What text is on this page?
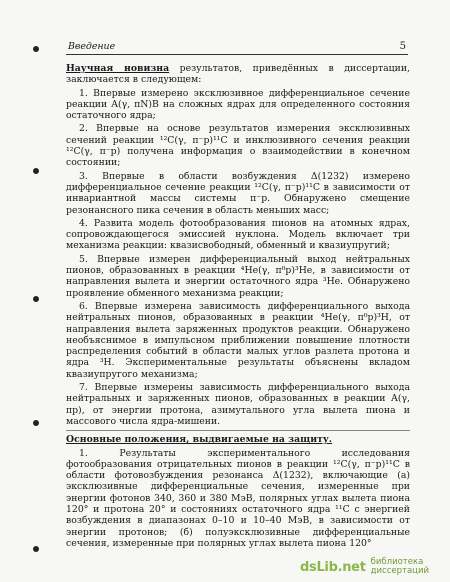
Введение	5

Научная новизна результатов, приведённых в диссертации, заключается в следующем:

1. Впервые измерено эксклюзивное дифференциальное сечение реакции A(γ, πN)B на сложных ядрах для определенного состояния остаточного ядра;

2. Впервые на основе результатов измерения эксклюзивных сечений реакции ¹²C(γ, π⁻p)¹¹C и инклюзивного сечения реакции ¹²C(γ, π⁻p) получена информация о взаимодействии в конечном состоянии;

3. Впервые в области возбуждения Δ(1232) измерено дифференциальное сечение реакции ¹²C(γ, π⁻p)¹¹C в зависимости от инвариантной массы системы π⁻p. Обнаружено смещение резонансного пика сечения в область меньших масс;

4. Развита модель фотообразования пионов на атомных ядрах, сопровождающегося эмиссией нуклона. Модель включает три механизма реакции: квазисвободный, обменный и квазиупругий;

5. Впервые измерен дифференциальный выход нейтральных пионов, образованных в реакции ⁴He(γ, π⁰p)³He, в зависимости от направления вылета и энергии остаточного ядра ³He. Обнаружено проявление обменного механизма реакции;

6. Впервые измерена зависимость дифференциального выхода нейтральных пионов, образованных в реакции ⁴He(γ, π⁰p)³H, от направления вылета заряженных продуктов реакции. Обнаружено необъяснимое в импульсном приближении повышение плотности распределения событий в области малых углов разлета протона и ядра ³H. Экспериментальные результаты объяснены вкладом квазиупругого механизма;

7. Впервые измерены зависимость дифференциального выхода нейтральных и заряженных пионов, образованных в реакции A(γ, πp), от энергии протона, азимутального угла вылета пиона и массового числа ядра-мишени.

Основные положения, выдвигаемые на защиту.

1. Результаты экспериментального исследования фотообразования отрицательных пионов в реакции ¹²C(γ, π⁻p)¹¹C в области фотовозбуждения резонанса Δ(1232), включающие (а) эксклюзивные дифференциальные сечения, измеренные при энергии фотонов 340, 360 и 380 МэВ, полярных углах вылета пиона 120° и протона 20° и состояниях остаточного ядра ¹¹C с энергией возбуждения в диапазонах 0–10 и 10–40 МэВ, в зависимости от энергии протонов; (б) полуэксклюзивные дифференциальные сечения, измеренные при полярных углах вылета пиона 120°

dsLib.net библиотека диссертаций
